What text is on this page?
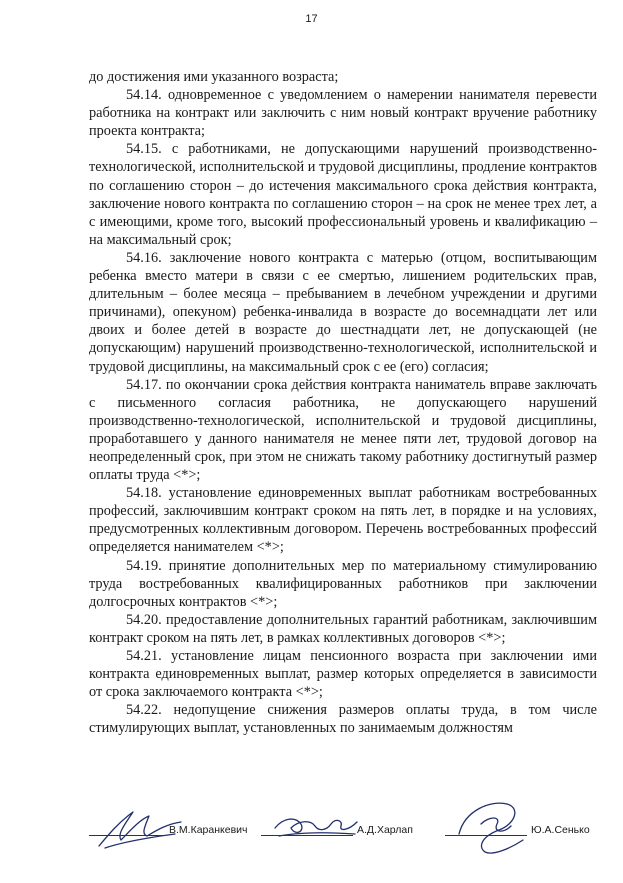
17

до достижения ими указанного возраста;

54.14. одновременное с уведомлением о намерении нанимателя перевести работника на контракт или заключить с ним новый контракт вручение работнику проекта контракта;

54.15. с работниками, не допускающими нарушений производственно-технологической, исполнительской и трудовой дисциплины, продление контрактов по соглашению сторон – до истечения максимального срока действия контракта, заключение нового контракта по соглашению сторон – на срок не менее трех лет, а с имеющими, кроме того, высокий профессиональный уровень и квалификацию – на максимальный срок;

54.16. заключение нового контракта с матерью (отцом, воспитывающим ребенка вместо матери в связи с ее смертью, лишением родительских прав, длительным – более месяца – пребыванием в лечебном учреждении и другими причинами), опекуном) ребенка-инвалида в возрасте до восемнадцати лет или двоих и более детей в возрасте до шестнадцати лет, не допускающей (не допускающим) нарушений производственно-технологической, исполнительской и трудовой дисциплины, на максимальный срок с ее (его) согласия;

54.17. по окончании срока действия контракта наниматель вправе заключать с письменного согласия работника, не допускающего нарушений производственно-технологической, исполнительской и трудовой дисциплины, проработавшего у данного нанимателя не менее пяти лет, трудовой договор на неопределенный срок, при этом не снижать такому работнику достигнутый размер оплаты труда <*>;

54.18. установление единовременных выплат работникам востребованных профессий, заключившим контракт сроком на пять лет, в порядке и на условиях, предусмотренных коллективным договором. Перечень востребованных профессий определяется нанимателем <*>;

54.19. принятие дополнительных мер по материальному стимулированию труда востребованных квалифицированных работников при заключении долгосрочных контрактов <*>;

54.20. предоставление дополнительных гарантий работникам, заключившим контракт сроком на пять лет, в рамках коллективных договоров <*>;

54.21. установление лицам пенсионного возраста при заключении ими контракта единовременных выплат, размер которых определяется в зависимости от срока заключаемого контракта <*>;

54.22. недопущение снижения размеров оплаты труда, в том числе стимулирующих выплат, установленных по занимаемым должностям

В.М.Каранкевич	А.Д.Харлап	Ю.А.Сенько
